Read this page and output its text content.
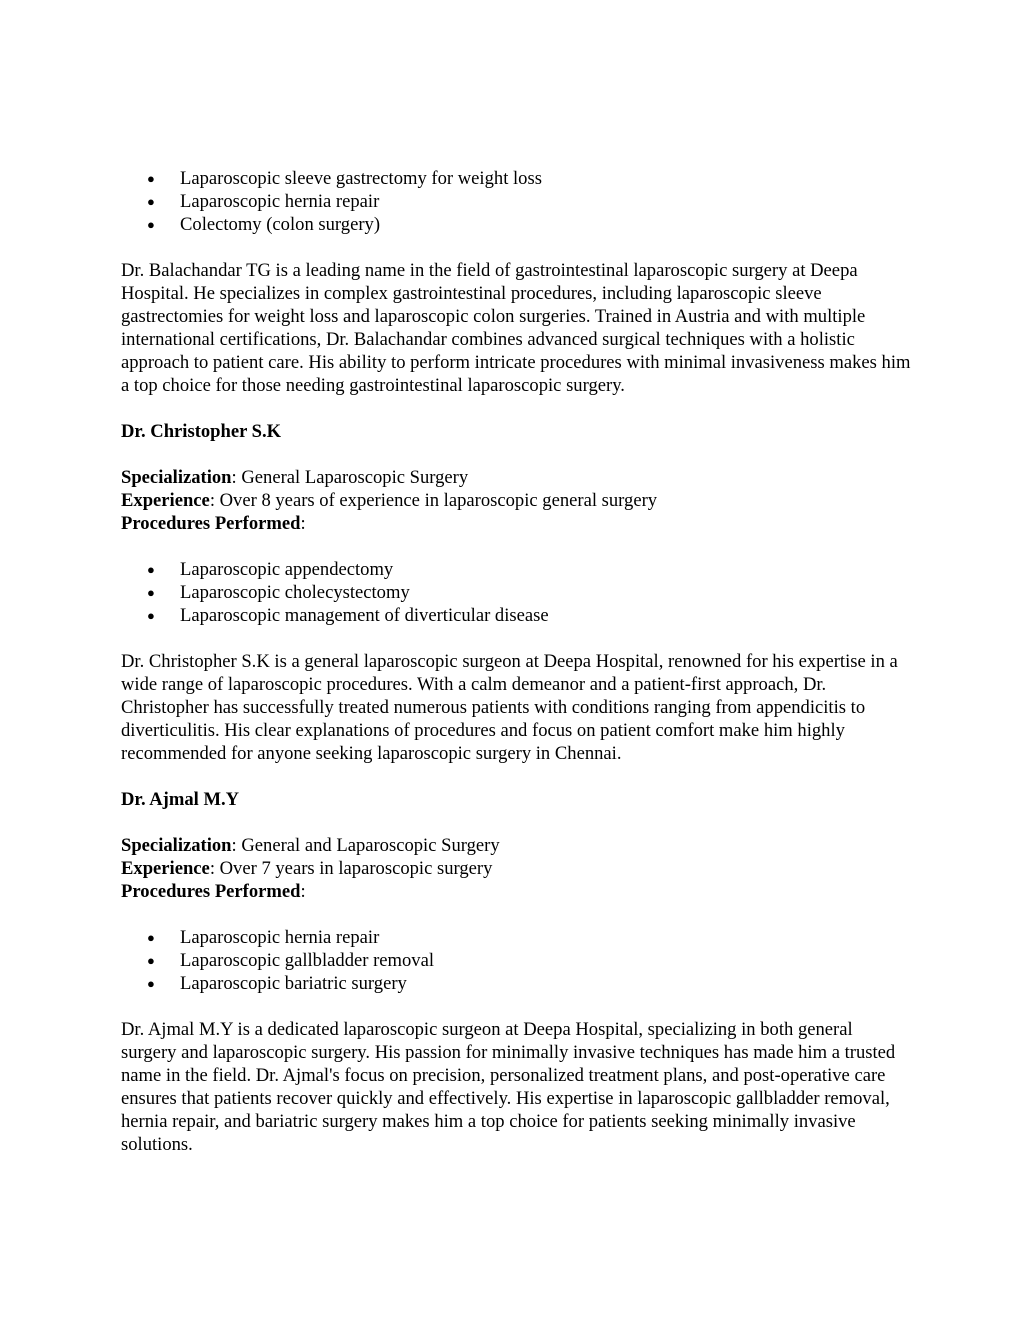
● Laparoscopic sleeve gastrectomy for weight loss
● Laparoscopic hernia repair
● Colectomy (colon surgery)

Dr. Balachandar TG is a leading name in the field of gastrointestinal laparoscopic surgery at Deepa Hospital. He specializes in complex gastrointestinal procedures, including laparoscopic sleeve gastrectomies for weight loss and laparoscopic colon surgeries. Trained in Austria and with multiple international certifications, Dr. Balachandar combines advanced surgical techniques with a holistic approach to patient care. His ability to perform intricate procedures with minimal invasiveness makes him a top choice for those needing gastrointestinal laparoscopic surgery.

Dr. Christopher S.K

Specialization: General Laparoscopic Surgery
Experience: Over 8 years of experience in laparoscopic general surgery
Procedures Performed:
● Laparoscopic appendectomy
● Laparoscopic cholecystectomy
● Laparoscopic management of diverticular disease

Dr. Christopher S.K is a general laparoscopic surgeon at Deepa Hospital, renowned for his expertise in a wide range of laparoscopic procedures. With a calm demeanor and a patient-first approach, Dr. Christopher has successfully treated numerous patients with conditions ranging from appendicitis to diverticulitis. His clear explanations of procedures and focus on patient comfort make him highly recommended for anyone seeking laparoscopic surgery in Chennai.

Dr. Ajmal M.Y

Specialization: General and Laparoscopic Surgery
Experience: Over 7 years in laparoscopic surgery
Procedures Performed:
● Laparoscopic hernia repair
● Laparoscopic gallbladder removal
● Laparoscopic bariatric surgery

Dr. Ajmal M.Y is a dedicated laparoscopic surgeon at Deepa Hospital, specializing in both general surgery and laparoscopic surgery. His passion for minimally invasive techniques has made him a trusted name in the field. Dr. Ajmal's focus on precision, personalized treatment plans, and post-operative care ensures that patients recover quickly and effectively. His expertise in laparoscopic gallbladder removal, hernia repair, and bariatric surgery makes him a top choice for patients seeking minimally invasive solutions.
